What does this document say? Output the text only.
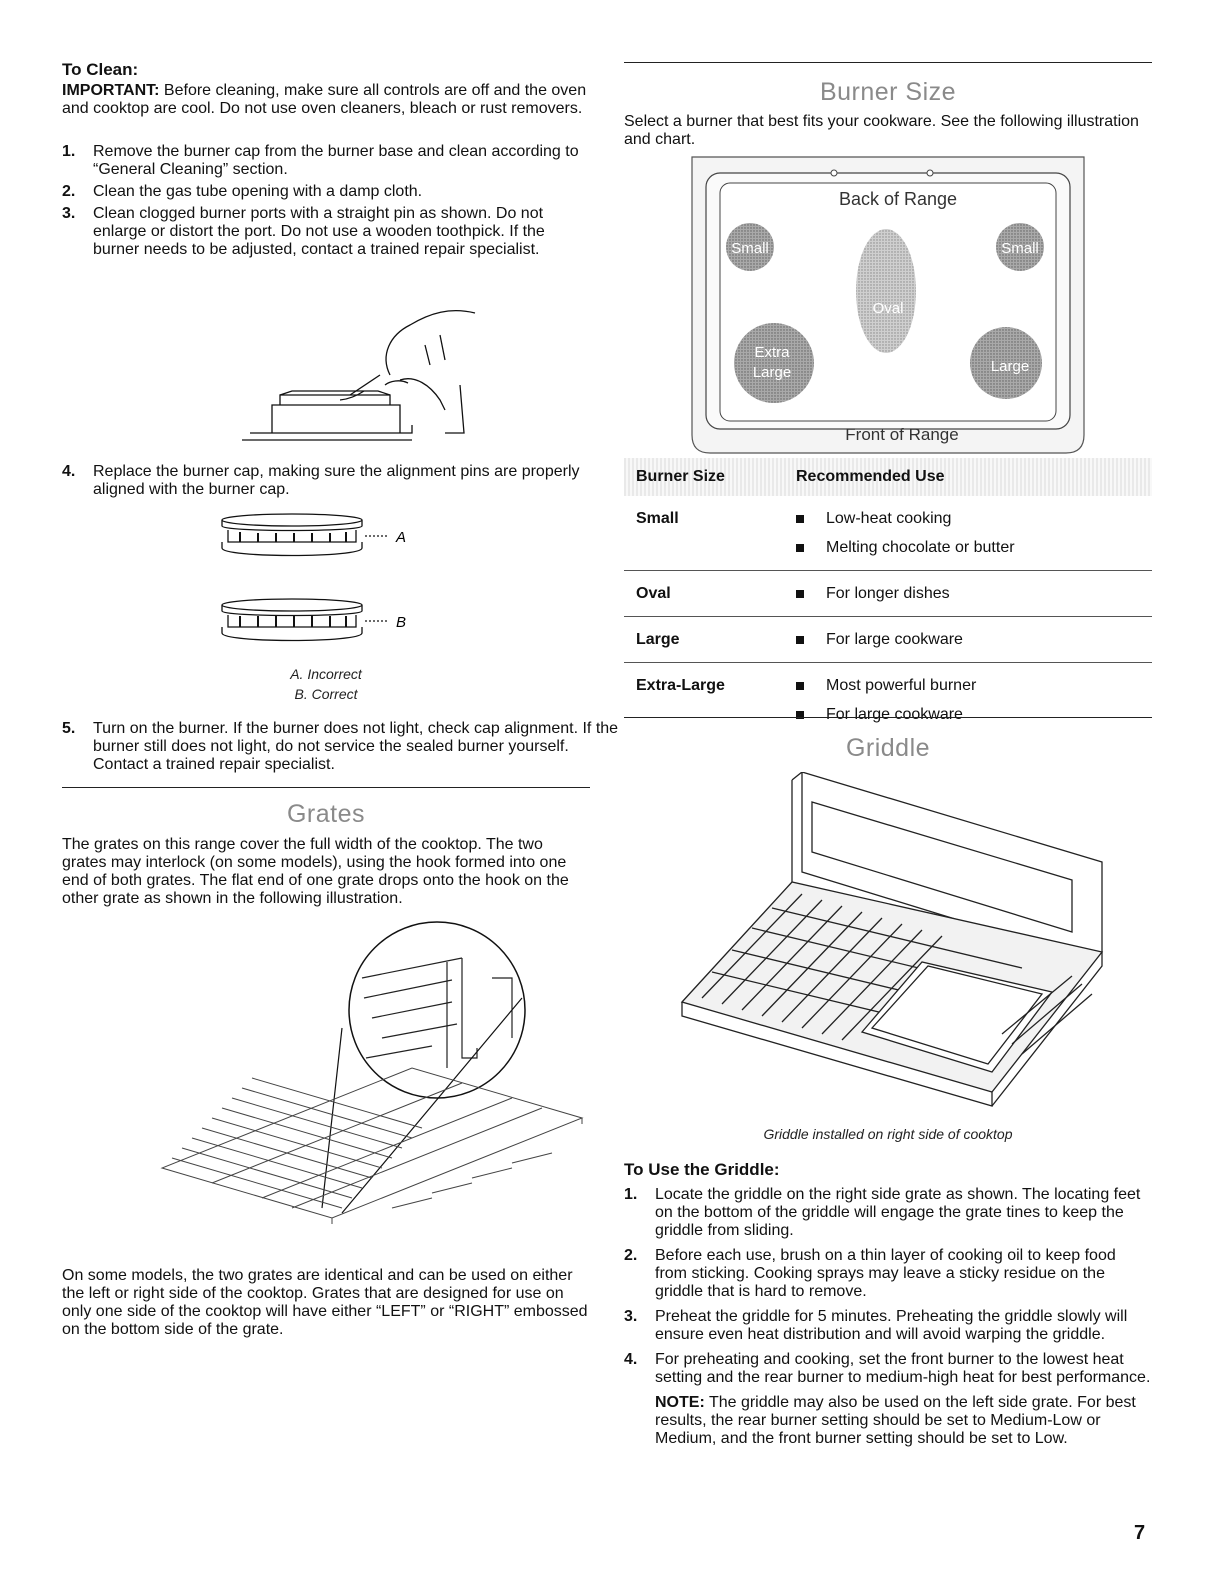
To Clean:

IMPORTANT: Before cleaning, make sure all controls are off and the oven and cooktop are cool. Do not use oven cleaners, bleach or rust removers.

1. Remove the burner cap from the burner base and clean according to “General Cleaning” section.
2. Clean the gas tube opening with a damp cloth.
3. Clean clogged burner ports with a straight pin as shown. Do not enlarge or distort the port. Do not use a wooden toothpick. If the burner needs to be adjusted, contact a trained repair specialist.
4. Replace the burner cap, making sure the alignment pins are properly aligned with the burner cap.
A
B
A. Incorrect
B. Correct
5. Turn on the burner. If the burner does not light, check cap alignment. If the burner still does not light, do not service the sealed burner yourself. Contact a trained repair specialist.
Grates

The grates on this range cover the full width of the cooktop. The two grates may interlock (on some models), using the hook formed into one end of both grates. The flat end of one grate drops onto the hook on the other grate as shown in the following illustration.

On some models, the two grates are identical and can be used on either the left or right side of the cooktop. Grates that are designed for use on only one side of the cooktop will have either “LEFT” or “RIGHT” embossed on the bottom side of the grate.

Burner Size

Select a burner that best fits your cookware. See the following illustration and chart.

Back of Range
Small	Small
Oval
Extra
Large	Large
Front of Range
Burner Size	Recommended Use
Small	Low-heat cooking
Melting chocolate or butter

Oval	For longer dishes

Large	For large cookware

Extra-Large	Most powerful burner
For large cookware
Griddle
Griddle installed on right side of cooktop
To Use the Griddle:
1. Locate the griddle on the right side grate as shown. The locating feet on the bottom of the griddle will engage the grate tines to keep the griddle from sliding.
2. Before each use, brush on a thin layer of cooking oil to keep food from sticking. Cooking sprays may leave a sticky residue on the griddle that is hard to remove.
3. Preheat the griddle for 5 minutes. Preheating the griddle slowly will ensure even heat distribution and will avoid warping the griddle.
4. For preheating and cooking, set the front burner to the lowest heat setting and the rear burner to medium-high heat for best performance.
NOTE: The griddle may also be used on the left side grate. For best results, the rear burner setting should be set to Medium-Low or Medium, and the front burner setting should be set to Low.
7
